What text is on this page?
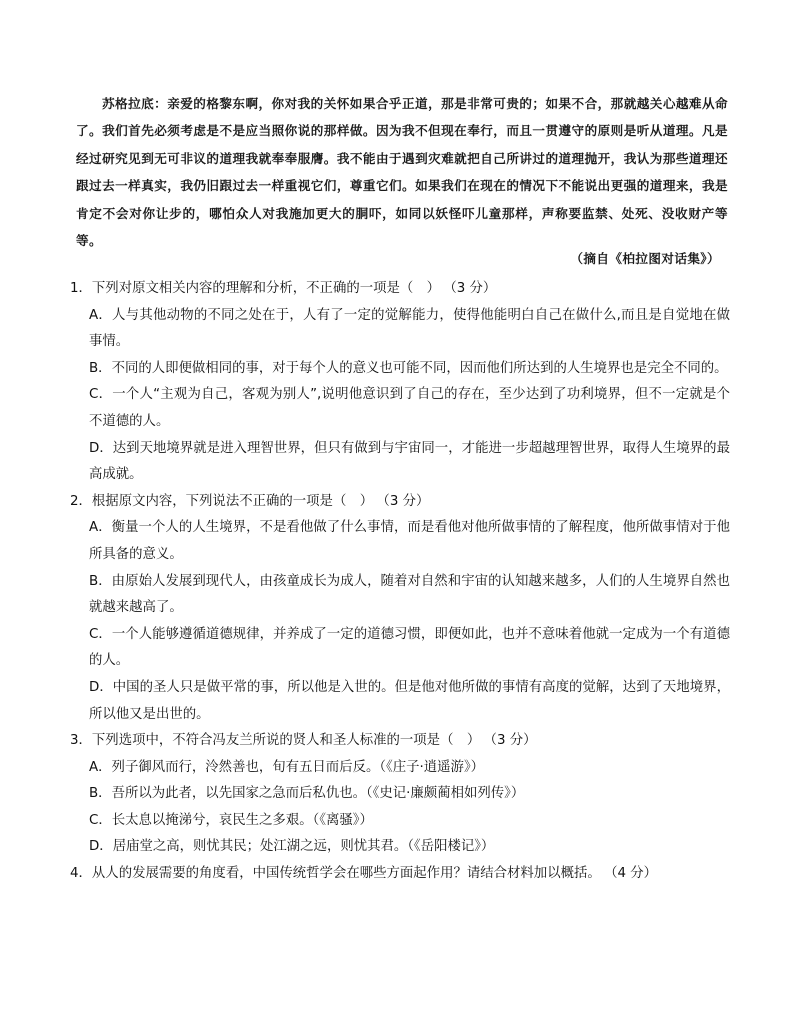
苏格拉底：亲爱的格黎东啊，你对我的关怀如果合乎正道，那是非常可贵的；如果不合，那就越关心越难从命了。我们首先必须考虑是不是应当照你说的那样做。因为我不但现在奉行，而且一贯遵守的原则是听从道理。凡是经过研究见到无可非议的道理我就奉奉服膺。我不能由于遇到灾难就把自己所讲过的道理抛开，我认为那些道理还跟过去一样真实，我仍旧跟过去一样重视它们，尊重它们。如果我们在现在的情况下不能说出更强的道理来，我是肯定不会对你让步的，哪怕众人对我施加更大的胴吓，如同以妖怪吓儿童那样，声称要监禁、处死、没收财产等等。

（摘自《柏拉图对话集》）
1．下列对原文相关内容的理解和分析，不正确的一项是（　） （3 分）
A．人与其他动物的不同之处在于，人有了一定的觉解能力，使得他能明白自己在做什么,而且是自觉地在做事情。
B．不同的人即便做相同的事，对于每个人的意义也可能不同，因而他们所达到的人生境界也是完全不同的。
C．一个人“主观为自己，客观为别人”,说明他意识到了自己的存在，至少达到了功利境界，但不一定就是个不道德的人。
D．达到天地境界就是进入理智世界，但只有做到与宇宙同一，才能进一步超越理智世界，取得人生境界的最高成就。
2．根据原文内容，下列说法不正确的一项是（　） （3 分）
A．衡量一个人的人生境界，不是看他做了什么事情，而是看他对他所做事情的了解程度，他所做事情对于他所具备的意义。
B．由原始人发展到现代人，由孩童成长为成人，随着对自然和宇宙的认知越来越多，人们的人生境界自然也就越来越高了。
C．一个人能够遵循道德规律，并养成了一定的道德习惯，即便如此，也并不意味着他就一定成为一个有道德的人。
D．中国的圣人只是做平常的事，所以他是入世的。但是他对他所做的事情有高度的觉解，达到了天地境界，所以他又是出世的。
3．下列选项中，不符合冯友兰所说的贤人和圣人标准的一项是（　） （3 分）
A．列子御风而行，泠然善也，旬有五日而后反。（《庄子·逍遥游》）
B．吾所以为此者，以先国家之急而后私仇也。（《史记·廉颇蔺相如列传》）
C．长太息以掩涕兮，哀民生之多艰。（《离骚》）
D．居庙堂之高，则忧其民；处江湖之远，则忧其君。（《岳阳楼记》）
4．从人的发展需要的角度看，中国传统哲学会在哪些方面起作用？请结合材料加以概括。 （4 分）
